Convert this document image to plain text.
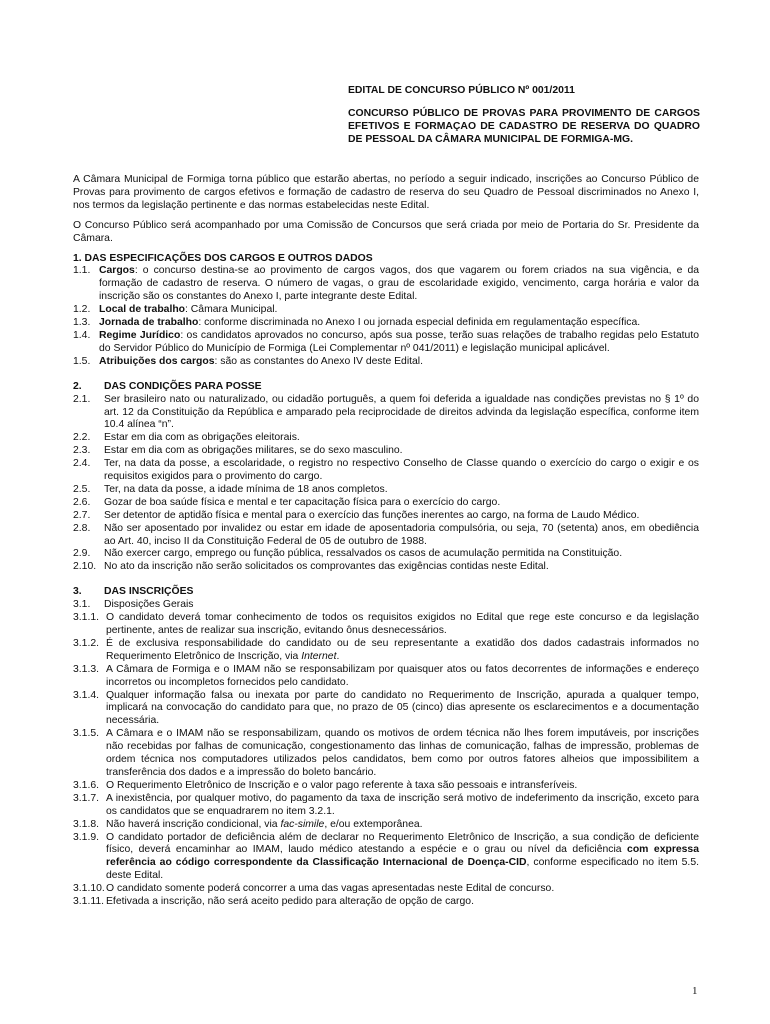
EDITAL DE CONCURSO PÚBLICO Nº 001/2011

CONCURSO PÚBLICO DE PROVAS PARA PROVIMENTO DE CARGOS EFETIVOS E FORMAÇAO DE CADASTRO DE RESERVA DO QUADRO DE PESSOAL DA CÂMARA MUNICIPAL DE FORMIGA-MG.

A Câmara Municipal de Formiga torna público que estarão abertas, no período a seguir indicado, inscrições ao Concurso Público de Provas para provimento de cargos efetivos e formação de cadastro de reserva do seu Quadro de Pessoal discriminados no Anexo I, nos termos da legislação pertinente e das normas estabelecidas neste Edital.

O Concurso Público será acompanhado por uma Comissão de Concursos que será criada por meio de Portaria do Sr. Presidente da Câmara.

1. DAS ESPECIFICAÇÕES DOS CARGOS E OUTROS DADOS

1.1. Cargos: o concurso destina-se ao provimento de cargos vagos, dos que vagarem ou forem criados na sua vigência, e da formação de cadastro de reserva. O número de vagas, o grau de escolaridade exigido, vencimento, carga horária e valor da inscrição são os constantes do Anexo I, parte integrante deste Edital.
1.2. Local de trabalho: Câmara Municipal.
1.3. Jornada de trabalho: conforme discriminada no Anexo I ou jornada especial definida em regulamentação específica.
1.4. Regime Jurídico: os candidatos aprovados no concurso, após sua posse, terão suas relações de trabalho regidas pelo Estatuto do Servidor Público do Município de Formiga (Lei Complementar nº 041/2011) e legislação municipal aplicável.
1.5. Atribuições dos cargos: são as constantes do Anexo IV deste Edital.
2.	DAS CONDIÇÕES PARA POSSE
2.1.	Ser brasileiro nato ou naturalizado, ou cidadão português, a quem foi deferida a igualdade nas condições previstas no § 1º do art. 12 da Constituição da República e amparado pela reciprocidade de direitos advinda da legislação específica, conforme item 10.4 alínea “n”.
2.2.	Estar em dia com as obrigações eleitorais.
2.3.	Estar em dia com as obrigações militares, se do sexo masculino.
2.4.	Ter, na data da posse, a escolaridade, o registro no respectivo Conselho de Classe quando o exercício do cargo o exigir e os requisitos exigidos para o provimento do cargo.
2.5.	Ter, na data da posse, a idade mínima de 18 anos completos.
2.6.	Gozar de boa saúde física e mental e ter capacitação física para o exercício do cargo.
2.7.	Ser detentor de aptidão física e mental para o exercício das funções inerentes ao cargo, na forma de Laudo Médico.
2.8.	Não ser aposentado por invalidez ou estar em idade de aposentadoria compulsória, ou seja, 70 (setenta) anos, em obediência ao Art. 40, inciso II da Constituição Federal de 05 de outubro de 1988.
2.9.	Não exercer cargo, emprego ou função pública, ressalvados os casos de acumulação permitida na Constituição.
2.10. No ato da inscrição não serão solicitados os comprovantes das exigências contidas neste Edital.
3.	DAS INSCRIÇÕES
3.1.	Disposições Gerais
3.1.1. O candidato deverá tomar conhecimento de todos os requisitos exigidos no Edital que rege este concurso e da legislação pertinente, antes de realizar sua inscrição, evitando ônus desnecessários.
3.1.2. É de exclusiva responsabilidade do candidato ou de seu representante a exatidão dos dados cadastrais informados no Requerimento Eletrônico de Inscrição, via Internet.
3.1.3. A Câmara de Formiga e o IMAM não se responsabilizam por quaisquer atos ou fatos decorrentes de informações e endereço incorretos ou incompletos fornecidos pelo candidato.
3.1.4. Qualquer informação falsa ou inexata por parte do candidato no Requerimento de Inscrição, apurada a qualquer tempo, implicará na convocação do candidato para que, no prazo de 05 (cinco) dias apresente os esclarecimentos e a documentação necessária.
3.1.5. A Câmara e o IMAM não se responsabilizam, quando os motivos de ordem técnica não lhes forem imputáveis, por inscrições não recebidas por falhas de comunicação, congestionamento das linhas de comunicação, falhas de impressão, problemas de ordem técnica nos computadores utilizados pelos candidatos, bem como por outros fatores alheios que impossibilitem a transferência dos dados e a impressão do boleto bancário.
3.1.6. O Requerimento Eletrônico de Inscrição e o valor pago referente à taxa são pessoais e intransferíveis.
3.1.7. A inexistência, por qualquer motivo, do pagamento da taxa de inscrição será motivo de indeferimento da inscrição, exceto para os candidatos que se enquadrarem no item 3.2.1.
3.1.8. Não haverá inscrição condicional, via fac-simile, e/ou extemporânea.
3.1.9. O candidato portador de deficiência além de declarar no Requerimento Eletrônico de Inscrição, a sua condição de deficiente físico, deverá encaminhar ao IMAM, laudo médico atestando a espécie e o grau ou nível da deficiência com expressa referência ao código correspondente da Classificação Internacional de Doença-CID, conforme especificado no item 5.5. deste Edital.
3.1.10. O candidato somente poderá concorrer a uma das vagas apresentadas neste Edital de concurso.
3.1.11. Efetivada a inscrição, não será aceito pedido para alteração de opção de cargo.
1
